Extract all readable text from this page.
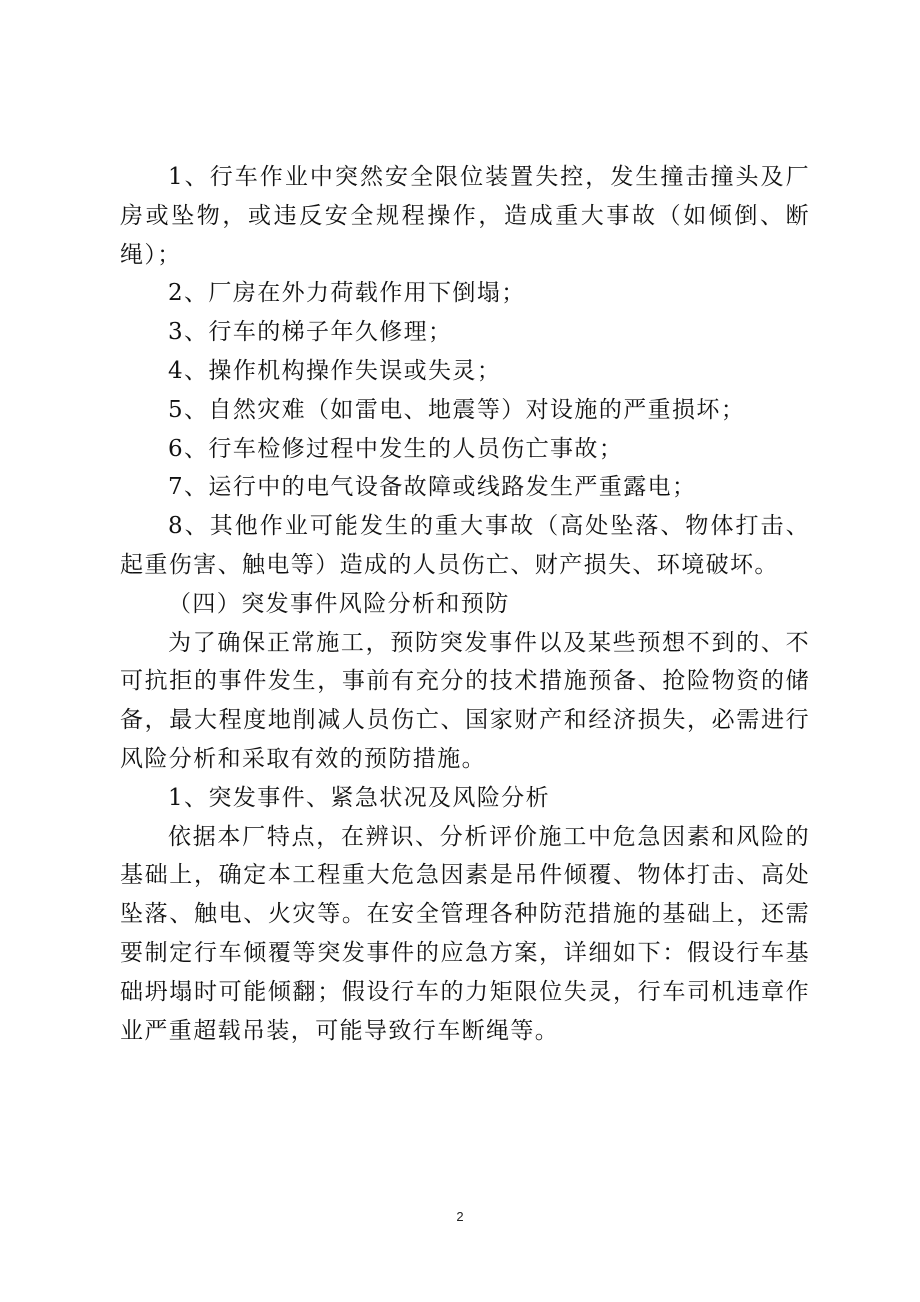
1、行车作业中突然安全限位装置失控，发生撞击撞头及厂房或坠物，或违反安全规程操作，造成重大事故（如倾倒、断绳）；

2、厂房在外力荷载作用下倒塌；

3、行车的梯子年久修理；

4、操作机构操作失误或失灵；

5、自然灾难（如雷电、地震等）对设施的严重损坏；

6、行车检修过程中发生的人员伤亡事故；

7、运行中的电气设备故障或线路发生严重露电；

8、其他作业可能发生的重大事故（高处坠落、物体打击、起重伤害、触电等）造成的人员伤亡、财产损失、环境破坏。

（四）突发事件风险分析和预防

为了确保正常施工，预防突发事件以及某些预想不到的、不可抗拒的事件发生，事前有充分的技术措施预备、抢险物资的储备，最大程度地削减人员伤亡、国家财产和经济损失，必需进行风险分析和采取有效的预防措施。

1、突发事件、紧急状况及风险分析

依据本厂特点，在辨识、分析评价施工中危急因素和风险的基础上，确定本工程重大危急因素是吊件倾覆、物体打击、高处坠落、触电、火灾等。在安全管理各种防范措施的基础上，还需要制定行车倾覆等突发事件的应急方案，详细如下：假设行车基础坍塌时可能倾翻；假设行车的力矩限位失灵，行车司机违章作业严重超载吊装，可能导致行车断绳等。

2
